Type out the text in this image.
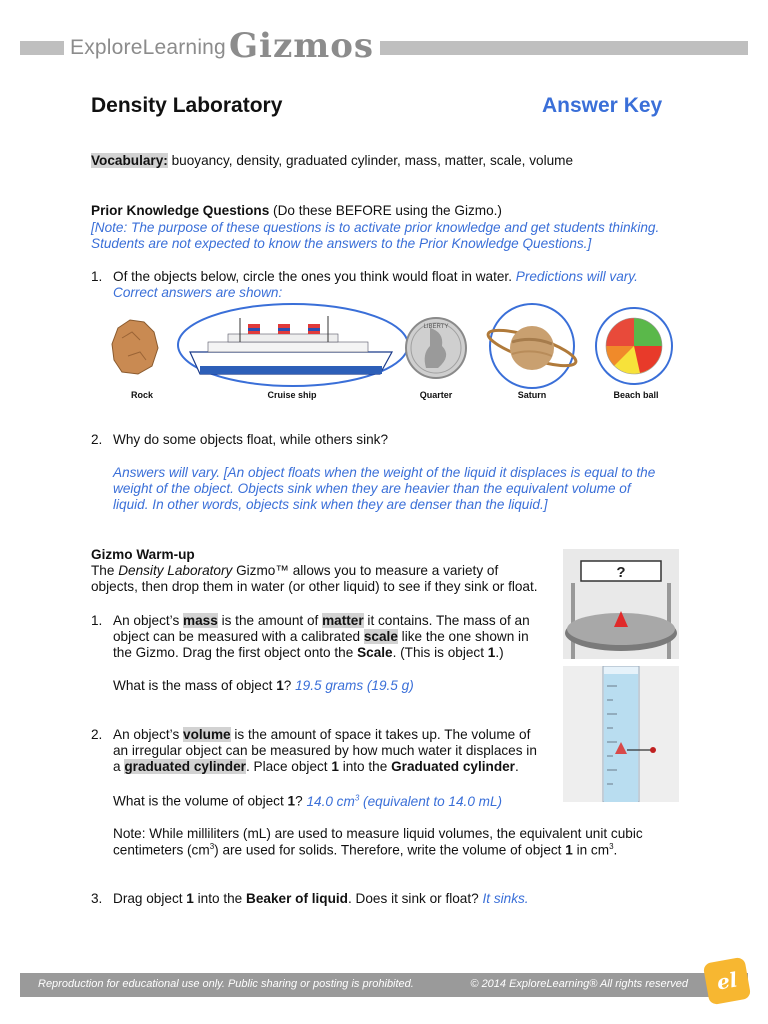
ExploreLearning Gizmos
Density Laboratory	Answer Key
Vocabulary: buoyancy, density, graduated cylinder, mass, matter, scale, volume
Prior Knowledge Questions (Do these BEFORE using the Gizmo.)
[Note: The purpose of these questions is to activate prior knowledge and get students thinking.
Students are not expected to know the answers to the Prior Knowledge Questions.]
1. Of the objects below, circle the ones you think would float in water. Predictions will vary.
Correct answers are shown:
LIBERTY
Rock	Cruise ship	Quarter	Saturn	Beach ball
2. Why do some objects float, while others sink?
Answers will vary. [An object floats when the weight of the liquid it displaces is equal to the
weight of the object. Objects sink when they are heavier than the equivalent volume of
liquid. In other words, objects sink when they are denser than the liquid.]
Gizmo Warm-up
The Density Laboratory Gizmo™ allows you to measure a variety of
objects, then drop them in water (or other liquid) to see if they sink or float.
?
1. An object’s mass is the amount of matter it contains. The mass of an
object can be measured with a calibrated scale like the one shown in
the Gizmo. Drag the first object onto the Scale. (This is object 1.)
What is the mass of object 1? 19.5 grams (19.5 g)
2. An object’s volume is the amount of space it takes up. The volume of
an irregular object can be measured by how much water it displaces in
a graduated cylinder. Place object 1 into the Graduated cylinder.
What is the volume of object 1? 14.0 $cm^3$ (equivalent to 14.0 mL)
Note: While milliliters (mL) are used to measure liquid volumes, the equivalent unit cubic
centimeters $(cm^3)$ are used for solids. Therefore, write the volume of object 1 in $cm^3$.
3. Drag object 1 into the Beaker of liquid. Does it sink or float? It sinks.
Reproduction for educational use only. Public sharing or posting is prohibited.	© 2014 ExploreLearning® All rights reserved	el
